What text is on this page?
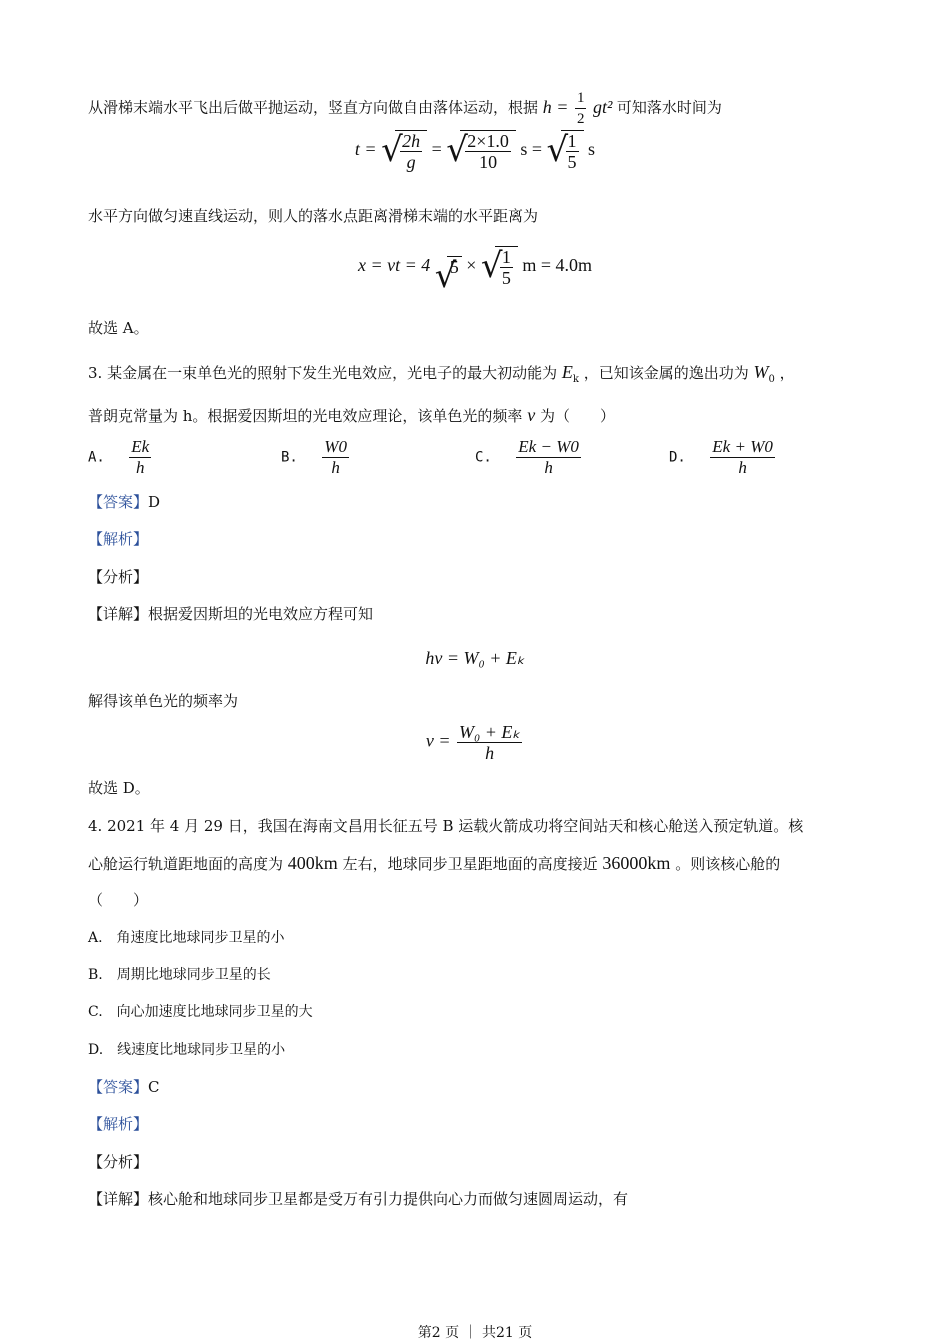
从滑梯末端水平飞出后做平抛运动，竖直方向做自由落体运动，根据 $h = \frac{1}{2} gt^2$ 可知落水时间为
t = √ $\frac{2h}{g}$ = √ $\frac{2\times 1.0}{10}$ s = √ $\frac{1}{5}$ s
水平方向做匀速直线运动，则人的落水点距离滑梯末端的水平距离为
x = vt = 4 √ 5 × √ $\frac{1}{5}$ m = 4.0m
故选 A。
3. 某金属在一束单色光的照射下发生光电效应，光电子的最大初动能为 $E_k$ ，已知该金属的逸出功为 $W_0$ ，
普朗克常量为 h。根据爱因斯坦的光电效应理论，该单色光的频率 ν 为（　　）
A. $\frac{Ek}{h}$	B. $\frac{W0}{h}$	C. $\frac{Ek - W0}{h}$	D. $\frac{Ek + W0}{h}$
【答案】D
【解析】
【分析】
【详解】根据爱因斯坦的光电效应方程可知
hν = W₀ + Eₖ
解得该单色光的频率为
$\nu = \frac{\text{W₀ + Eₖ}}{h}$
故选 D。
4. 2021 年 4 月 29 日，我国在海南文昌用长征五号 B 运载火箭成功将空间站天和核心舱送入预定轨道。核
心舱运行轨道距地面的高度为 400km 左右，地球同步卫星距地面的高度接近 36000km 。则该核心舱的
（　　）
A.　角速度比地球同步卫星的小
B.　周期比地球同步卫星的长
C.　向心加速度比地球同步卫星的大
D.　线速度比地球同步卫星的小
【答案】C
【解析】
【分析】
【详解】核心舱和地球同步卫星都是受万有引力提供向心力而做匀速圆周运动，有
第2 页 ｜ 共21 页
